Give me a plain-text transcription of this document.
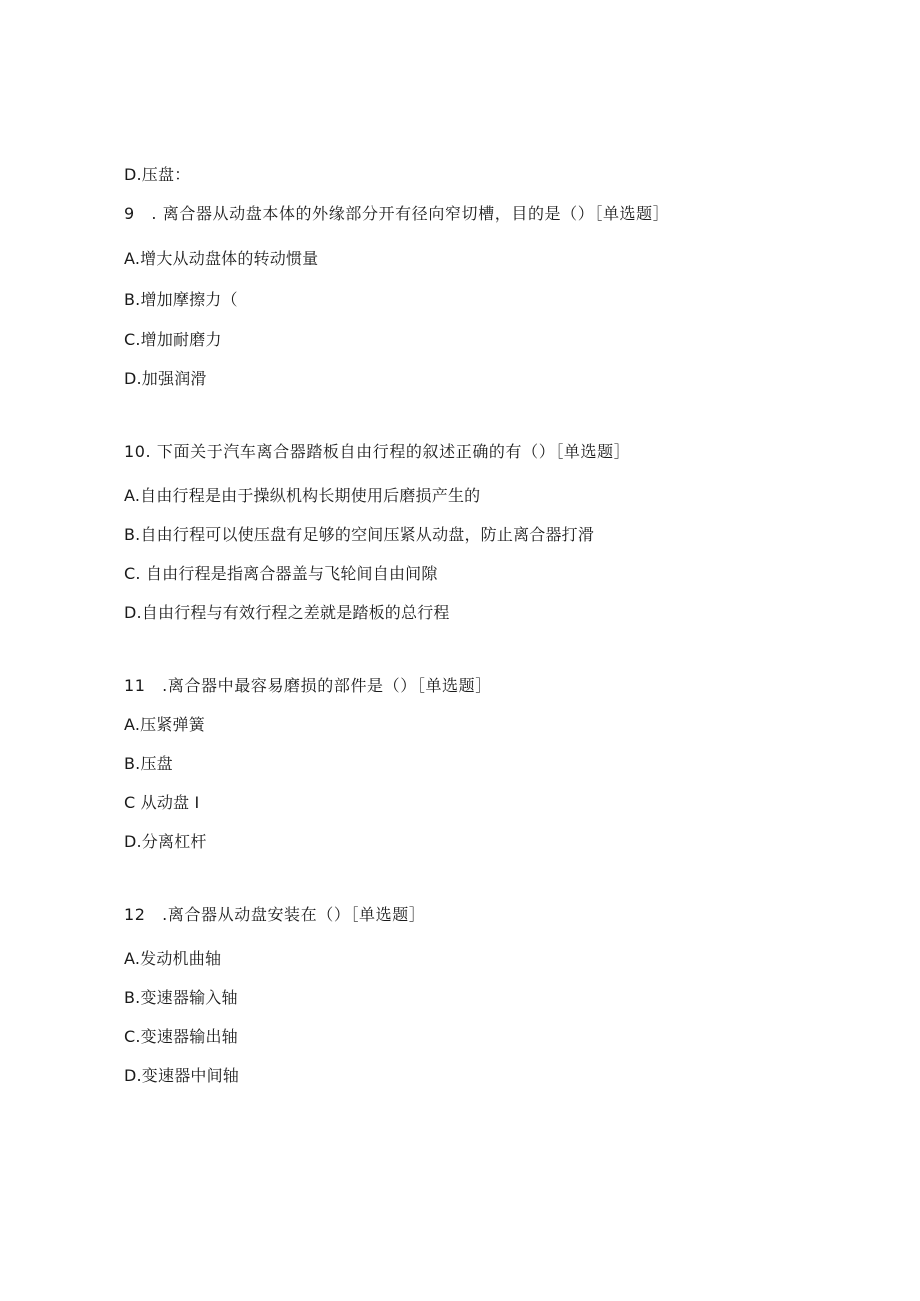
D.压盘：
9　. 离合器从动盘本体的外缘部分开有径向窄切槽，目的是（）［单选题］
A.增大从动盘体的转动惯量
B.增加摩擦力（
C.增加耐磨力
D.加强润滑
10. 下面关于汽车离合器踏板自由行程的叙述正确的有（）［单选题］
A.自由行程是由于操纵机构长期使用后磨损产生的
B.自由行程可以使压盘有足够的空间压紧从动盘，防止离合器打滑
C. 自由行程是指离合器盖与飞轮间自由间隙
D.自由行程与有效行程之差就是踏板的总行程
11　.离合器中最容易磨损的部件是（）［单选题］
A.压紧弹簧
B.压盘
C 从动盘 I
D.分离杠杆
12　.离合器从动盘安装在（）［单选题］
A.发动机曲轴
B.变速器输入轴
C.变速器输出轴
D.变速器中间轴
